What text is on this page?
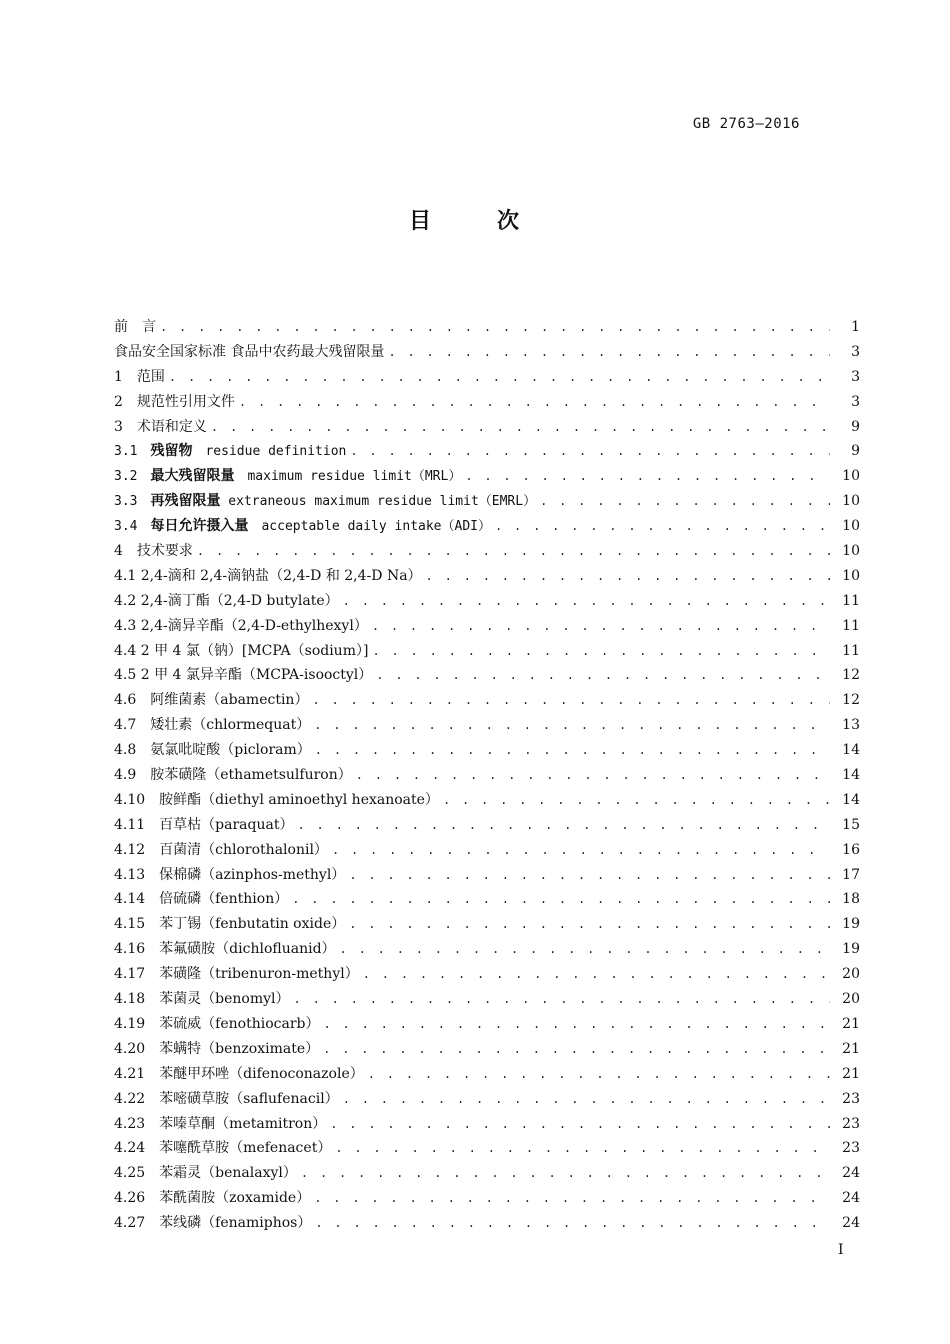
GB 2763—2016
目　次
前　言 . . .	1
食品安全国家标准 食品中农药最大残留限量 . . .	3
1　范围 . . .	3
2　规范性引用文件 . . .	3
3　术语和定义 . . .	9
3.1　残留物　residue definition . . .	9
3.2　最大残留限量　maximum residue limit（MRL） . . .	10
3.3　再残留限量 extraneous maximum residue limit（EMRL） . . .	10
3.4　每日允许摄入量　acceptable daily intake（ADI） . . .	10
4　技术要求 . . .	10
4.1 2,4-滴和 2,4-滴钠盐（2,4-D 和 2,4-D Na） . . .	10
4.2 2,4-滴丁酯（2,4-D butylate） . . .	11
4.3 2,4-滴异辛酯（2,4-D-ethylhexyl） . . .	11
4.4 2 甲 4 氯（钠）[MCPA（sodium）] . . .	11
4.5 2 甲 4 氯异辛酯（MCPA-isooctyl） . . .	12
4.6　阿维菌素（abamectin） . . .	12
4.7　矮壮素（chlormequat） . . .	13
4.8　氨氯吡啶酸（picloram） . . .	14
4.9　胺苯磺隆（ethametsulfuron） . . .	14
4.10　胺鲜酯（diethyl aminoethyl hexanoate） . . .	14
4.11　百草枯（paraquat） . . .	15
4.12　百菌清（chlorothalonil） . . .	16
4.13　保棉磷（azinphos-methyl） . . .	17
4.14　倍硫磷（fenthion） . . .	18
4.15　苯丁锡（fenbutatin oxide） . . .	19
4.16　苯氟磺胺（dichlofluanid） . . .	19
4.17　苯磺隆（tribenuron-methyl） . . .	20
4.18　苯菌灵（benomyl） . . .	20
4.19　苯硫威（fenothiocarb） . . .	21
4.20　苯螨特（benzoximate） . . .	21
4.21　苯醚甲环唑（difenoconazole） . . .	21
4.22　苯嘧磺草胺（saflufenacil） . . .	23
4.23　苯嗪草酮（metamitron） . . .	23
4.24　苯噻酰草胺（mefenacet） . . .	23
4.25　苯霜灵（benalaxyl） . . .	24
4.26　苯酰菌胺（zoxamide） . . .	24
4.27　苯线磷（fenamiphos） . . .	24
I
